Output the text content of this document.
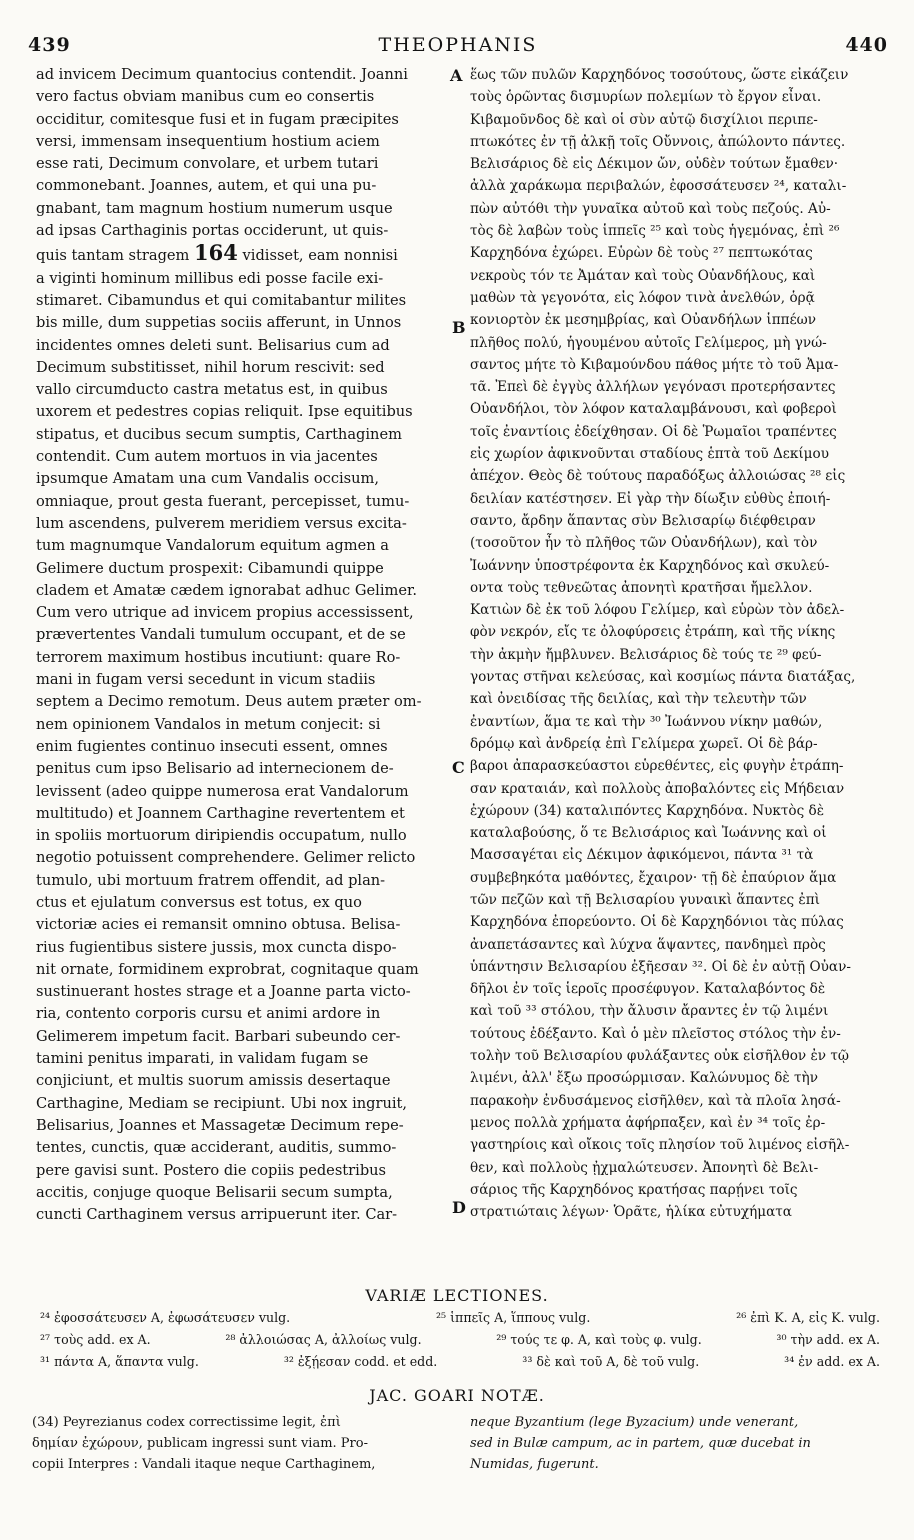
439	THEOPHANIS	440
ad invicem Decimum quantocius contendit. Joanni
vero factus obviam manibus cum eo consertis
occiditur, comitesque fusi et in fugam præcipites
versi, immensam insequentium hostium aciem
esse rati, Decimum convolare, et urbem tutari
commonebant. Joannes, autem, et qui una pu-
gnabant, tam magnum hostium numerum usque
ad ipsas Carthaginis portas occiderunt, ut quis-
quis tantam stragem 164 vidisset, eam nonnisi
a viginti hominum millibus edi posse facile exi-
stimaret. Cibamundus et qui comitabantur milites
bis mille, dum suppetias sociis afferunt, in Unnos
incidentes omnes deleti sunt. Belisarius cum ad
Decimum substitisset, nihil horum rescivit: sed
vallo circumducto castra metatus est, in quibus
uxorem et pedestres copias reliquit. Ipse equitibus
stipatus, et ducibus secum sumptis, Carthaginem
contendit. Cum autem mortuos in via jacentes
ipsumque Amatam una cum Vandalis occisum,
omniaque, prout gesta fuerant, percepisset, tumu-
lum ascendens, pulverem meridiem versus excita-
tum magnumque Vandalorum equitum agmen a
Gelimere ductum prospexit: Cibamundi quippe
cladem et Amatæ cædem ignorabat adhuc Gelimer.
Cum vero utrique ad invicem propius accessissent,
prævertentes Vandali tumulum occupant, et de se
terrorem maximum hostibus incutiunt: quare Ro-
mani in fugam versi secedunt in vicum stadiis
septem a Decimo remotum. Deus autem præter om-
nem opinionem Vandalos in metum conjecit: si
enim fugientes continuo insecuti essent, omnes
penitus cum ipso Belisario ad internecionem de-
levissent (adeo quippe numerosa erat Vandalorum
multitudo) et Joannem Carthagine revertentem et
in spoliis mortuorum diripiendis occupatum, nullo
negotio potuissent comprehendere. Gelimer relicto
tumulo, ubi mortuum fratrem offendit, ad plan-
ctus et ejulatum conversus est totus, ex quo
victoriæ acies ei remansit omnino obtusa. Belisa-
rius fugientibus sistere jussis, mox cuncta dispo-
nit ornate, formidinem exprobrat, cognitaque quam
sustinuerant hostes strage et a Joanne parta victo-
ria, contento corporis cursu et animi ardore in
Gelimerem impetum facit. Barbari subeundo cer-
tamini penitus imparati, in validam fugam se
conjiciunt, et multis suorum amissis desertaque
Carthagine, Mediam se recipiunt. Ubi nox ingruit,
Belisarius, Joannes et Massagetæ Decimum repe-
tentes, cunctis, quæ acciderant, auditis, summo-
pere gavisi sunt. Postero die copiis pedestribus
accitis, conjuge quoque Belisarii secum sumpta,
cuncti Carthaginem versus arripuerunt iter. Car-
ἕως τῶν πυλῶν Καρχηδόνος τοσούτους, ὥστε εἰκάζειν
τοὺς ὁρῶντας δισμυρίων πολεμίων τὸ ἔργον εἶναι.
Κιβαμοῦνδος δὲ καὶ οἱ σὺν αὐτῷ δισχίλιοι περιπε-
πτωκότες ἐν τῇ ἀλκῇ τοῖς Οὔννοις, ἀπώλοντο πάντες.
Βελισάριος δὲ εἰς Δέκιμον ὤν, οὐδὲν τούτων ἔμαθεν·
ἀλλὰ χαράκωμα περιβαλών, ἐφοσσάτευσεν ²⁴, καταλι-
πὼν αὐτόθι τὴν γυναῖκα αὐτοῦ καὶ τοὺς πεζούς. Αὐ-
τὸς δὲ λαβὼν τοὺς ἱππεῖς ²⁵ καὶ τοὺς ἡγεμόνας, ἐπὶ ²⁶
Καρχηδόνα ἐχώρει. Εὑρὼν δὲ τοὺς ²⁷ πεπτωκότας
νεκροὺς τόν τε Ἀμάταν καὶ τοὺς Οὐανδήλους, καὶ
μαθὼν τὰ γεγονότα, εἰς λόφον τινὰ ἀνελθών, ὁρᾷ
κονιορτὸν ἐκ μεσημβρίας, καὶ Οὐανδήλων ἱππέων
πλῆθος πολύ, ἡγουμένου αὐτοῖς Γελίμερος, μὴ γνώ-
σαντος μήτε τὸ Κιβαμούνδου πάθος μήτε τὸ τοῦ Ἀμα-
τᾶ. Ἐπεὶ δὲ ἐγγὺς ἀλλήλων γεγόνασι προτερήσαντες
Οὐανδήλοι, τὸν λόφον καταλαμβάνουσι, καὶ φοβεροὶ
τοῖς ἐναντίοις ἐδείχθησαν. Οἱ δὲ Ῥωμαῖοι τραπέντες
εἰς χωρίον ἀφικνοῦνται σταδίους ἑπτὰ τοῦ Δεκίμου
ἀπέχον. Θεὸς δὲ τούτους παραδόξως ἀλλοιώσας ²⁸ εἰς
δειλίαν κατέστησεν. Εἰ γὰρ τὴν δίωξιν εὐθὺς ἐποιή-
σαντο, ἄρδην ἅπαντας σὺν Βελισαρίῳ διέφθειραν
(τοσοῦτον ἦν τὸ πλῆθος τῶν Οὐανδήλων), καὶ τὸν
Ἰωάννην ὑποστρέφοντα ἐκ Καρχηδόνος καὶ σκυλεύ-
οντα τοὺς τεθνεῶτας ἀπονητὶ κρατῆσαι ἤμελλον.
Κατιὼν δὲ ἐκ τοῦ λόφου Γελίμερ, καὶ εὑρὼν τὸν ἀδελ-
φὸν νεκρόν, εἴς τε ὀλοφύρσεις ἐτράπη, καὶ τῆς νίκης
τὴν ἀκμὴν ἤμβλυνεν. Βελισάριος δὲ τούς τε ²⁹ φεύ-
γοντας στῆναι κελεύσας, καὶ κοσμίως πάντα διατάξας,
καὶ ὀνειδίσας τῆς δειλίας, καὶ τὴν τελευτὴν τῶν
ἐναντίων, ἅμα τε καὶ τὴν ³⁰ Ἰωάννου νίκην μαθών,
δρόμῳ καὶ ἀνδρείᾳ ἐπὶ Γελίμερα χωρεῖ. Οἱ δὲ βάρ-
βαροι ἀπαρασκεύαστοι εὑρεθέντες, εἰς φυγὴν ἐτράπη-
σαν κραταιάν, καὶ πολλοὺς ἀποβαλόντες εἰς Μήδειαν
ἐχώρουν (34) καταλιπόντες Καρχηδόνα. Νυκτὸς δὲ
καταλαβούσης, ὅ τε Βελισάριος καὶ Ἰωάννης καὶ οἱ
Μασσαγέται εἰς Δέκιμον ἀφικόμενοι, πάντα ³¹ τὰ
συμβεβηκότα μαθόντες, ἔχαιρον· τῇ δὲ ἐπαύριον ἅμα
τῶν πεζῶν καὶ τῇ Βελισαρίου γυναικὶ ἅπαντες ἐπὶ
Καρχηδόνα ἐπορεύοντο. Οἱ δὲ Καρχηδόνιοι τὰς πύλας
ἀναπετάσαντες καὶ λύχνα ἅψαντες, πανδημεὶ πρὸς
ὑπάντησιν Βελισαρίου ἐξῆεσαν ³². Οἱ δὲ ἐν αὐτῇ Οὐαν-
δῆλοι ἐν τοῖς ἱεροῖς προσέφυγον. Καταλαβόντος δὲ
καὶ τοῦ ³³ στόλου, τὴν ἄλυσιν ἄραντες ἐν τῷ λιμένι
τούτους ἐδέξαντο. Καὶ ὁ μὲν πλεῖστος στόλος τὴν ἐν-
τολὴν τοῦ Βελισαρίου φυλάξαντες οὐκ εἰσῆλθον ἐν τῷ
λιμένι, ἀλλ' ἔξω προσώρμισαν. Καλώνυμος δὲ τὴν
παρακοὴν ἐνδυσάμενος εἰσῆλθεν, καὶ τὰ πλοῖα λησά-
μενος πολλὰ χρήματα ἀφήρπαξεν, καὶ ἐν ³⁴ τοῖς ἐρ-
γαστηρίοις καὶ οἴκοις τοῖς πλησίον τοῦ λιμένος εἰσῆλ-
θεν, καὶ πολλοὺς ᾐχμαλώτευσεν. Ἀπονητὶ δὲ Βελι-
σάριος τῆς Καρχηδόνος κρατήσας παρῄνει τοῖς
στρατιώταις λέγων· Ὁρᾶτε, ἡλίκα εὐτυχήματα
A
B
C
D
VARIÆ LECTIONES.
²⁴ ἐφοσσάτευσεν A, ἐφωσάτευσεν vulg.	²⁵ ἱππεῖς A, ἵππους vulg.	²⁶ ἐπὶ K. A, εἰς K. vulg.
²⁷ τοὺς add. ex A.	²⁸ ἀλλοιώσας A, ἀλλοίως vulg.	²⁹ τούς τε φ. A, καὶ τοὺς φ. vulg.	³⁰ τὴν add. ex A.
³¹ πάντα A, ἅπαντα vulg.	³² ἐξῄεσαν codd. et edd.	³³ δὲ καὶ τοῦ A, δὲ τοῦ vulg.	³⁴ ἐν add. ex A.
JAC. GOARI NOTÆ.
(34) Peyrezianus codex correctissime legit, ἐπὶ
δημίαν ἐχώρουν, publicam ingressi sunt viam. Pro-
copii Interpres : Vandali itaque neque Carthaginem,
neque Byzantium (lege Byzacium) unde venerant,
sed in Bulæ campum, ac in partem, quæ ducebat in
Numidas, fugerunt.
